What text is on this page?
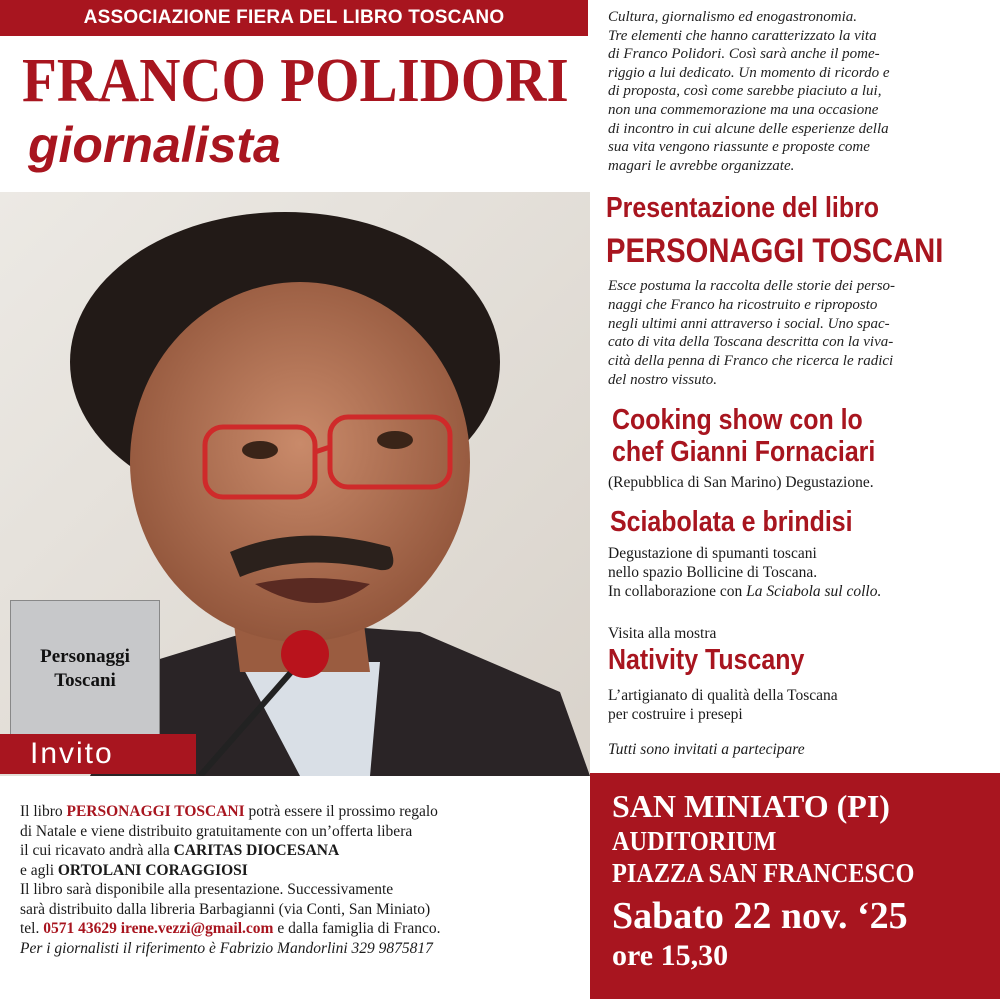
ASSOCIAZIONE FIERA DEL LIBRO TOSCANO
FRANCO POLIDORI
giornalista
Personaggi
Toscani
Invito
Il libro PERSONAGGI TOSCANI potrà essere il prossimo regalo
di Natale e viene distribuito gratuitamente con un’offerta libera
il cui ricavato andrà alla CARITAS DIOCESANA
e agli ORTOLANI CORAGGIOSI
Il libro sarà disponibile alla presentazione. Successivamente
sarà distribuito dalla libreria Barbagianni (via Conti, San Miniato)
tel. 0571 43629 irene.vezzi@gmail.com e dalla famiglia di Franco.
Per i giornalisti il riferimento è Fabrizio Mandorlini 329 9875817
Cultura, giornalismo ed enogastronomia.
Tre elementi che hanno caratterizzato la vita
di Franco Polidori. Così sarà anche il pome-
riggio a lui dedicato. Un momento di ricordo e
di proposta, così come sarebbe piaciuto a lui,
non una commemorazione ma una occasione
di incontro in cui alcune delle esperienze della
sua vita vengono riassunte e proposte come
magari le avrebbe organizzate.
Presentazione del libro
PERSONAGGI TOSCANI
Esce postuma la raccolta delle storie dei perso-
naggi che Franco ha ricostruito e riproposto
negli ultimi anni attraverso i social. Uno spac-
cato di vita della Toscana descritta con la viva-
cità della penna di Franco che ricerca le radici
del nostro vissuto.
Cooking show con lo
chef Gianni Fornaciari
(Repubblica di San Marino) Degustazione.
Sciabolata e brindisi
Degustazione di spumanti toscani
nello spazio Bollicine di Toscana.
In collaborazione con La Sciabola sul collo.
Visita alla mostra
Nativity Tuscany
L’artigianato di qualità della Toscana
per costruire i presepi
Tutti sono invitati a partecipare
SAN MINIATO (PI)
AUDITORIUM
PIAZZA SAN FRANCESCO
Sabato 22 nov. ‘25
ore 15,30
